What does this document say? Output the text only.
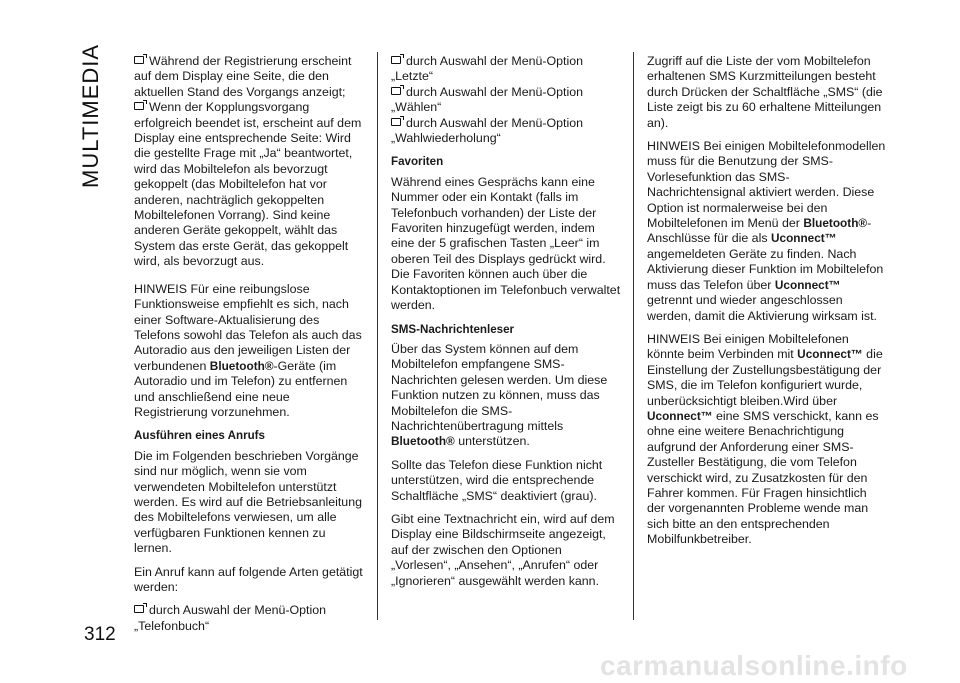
MULTIMEDIA
312

Während der Registrierung erscheint auf dem Display eine Seite, die den aktuellen Stand des Vorgangs anzeigt;

Wenn der Kopplungsvorgang erfolgreich beendet ist, erscheint auf dem Display eine entsprechende Seite: Wird die gestellte Frage mit „Ja“ beantwortet, wird das Mobiltelefon als bevorzugt gekoppelt (das Mobiltelefon hat vor anderen, nachträglich gekoppelten Mobiltelefonen Vorrang). Sind keine anderen Geräte gekoppelt, wählt das System das erste Gerät, das gekoppelt wird, als bevorzugt aus.

HINWEIS Für eine reibungslose Funktionsweise empfiehlt es sich, nach einer Software-Aktualisierung des Telefons sowohl das Telefon als auch das Autoradio aus den jeweiligen Listen der verbundenen Bluetooth®-Geräte (im Autoradio und im Telefon) zu entfernen und anschließend eine neue Registrierung vorzunehmen.

Ausführen eines Anrufs

Die im Folgenden beschrieben Vorgänge sind nur möglich, wenn sie vom verwendeten Mobiltelefon unterstützt werden. Es wird auf die Betriebsanleitung des Mobiltelefons verwiesen, um alle verfügbaren Funktionen kennen zu lernen.

Ein Anruf kann auf folgende Arten getätigt werden:

durch Auswahl der Menü-Option „Telefonbuch“

durch Auswahl der Menü-Option „Letzte“

durch Auswahl der Menü-Option „Wählen“

durch Auswahl der Menü-Option „Wahlwiederholung“

Favoriten

Während eines Gesprächs kann eine Nummer oder ein Kontakt (falls im Telefonbuch vorhanden) der Liste der Favoriten hinzugefügt werden, indem eine der 5 grafischen Tasten „Leer“ im oberen Teil des Displays gedrückt wird. Die Favoriten können auch über die Kontaktoptionen im Telefonbuch verwaltet werden.

SMS-Nachrichtenleser

Über das System können auf dem Mobiltelefon empfangene SMS-Nachrichten gelesen werden. Um diese Funktion nutzen zu können, muss das Mobiltelefon die SMS-Nachrichtenübertragung mittels Bluetooth® unterstützen.

Sollte das Telefon diese Funktion nicht unterstützen, wird die entsprechende Schaltfläche „SMS“ deaktiviert (grau).

Gibt eine Textnachricht ein, wird auf dem Display eine Bildschirmseite angezeigt, auf der zwischen den Optionen „Vorlesen“, „Ansehen“, „Anrufen“ oder „Ignorieren“ ausgewählt werden kann.

Zugriff auf die Liste der vom Mobiltelefon erhaltenen SMS Kurzmitteilungen besteht durch Drücken der Schaltfläche „SMS“ (die Liste zeigt bis zu 60 erhaltene Mitteilungen an).

HINWEIS Bei einigen Mobiltelefonmodellen muss für die Benutzung der SMS-Vorlesefunktion das SMS-Nachrichtensignal aktiviert werden. Diese Option ist normalerweise bei den Mobiltelefonen im Menü der Bluetooth®-Anschlüsse für die als Uconnect™ angemeldeten Geräte zu finden. Nach Aktivierung dieser Funktion im Mobiltelefon muss das Telefon über Uconnect™ getrennt und wieder angeschlossen werden, damit die Aktivierung wirksam ist.

HINWEIS Bei einigen Mobiltelefonen könnte beim Verbinden mit Uconnect™ die Einstellung der Zustellungsbestätigung der SMS, die im Telefon konfiguriert wurde, unberücksichtigt bleiben.Wird über Uconnect™ eine SMS verschickt, kann es ohne eine weitere Benachrichtigung aufgrund der Anforderung einer SMS-Zusteller Bestätigung, die vom Telefon verschickt wird, zu Zusatzkosten für den Fahrer kommen. Für Fragen hinsichtlich der vorgenannten Probleme wende man sich bitte an den entsprechenden Mobilfunkbetreiber.

carmanualsonline.info
